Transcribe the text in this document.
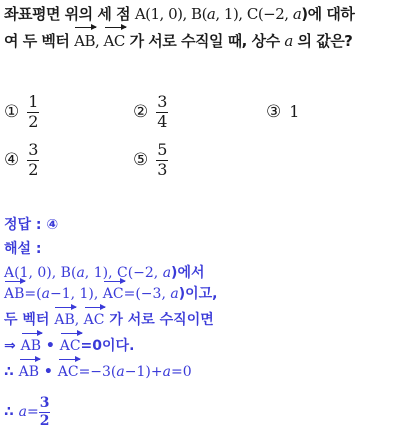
좌표평면 위의 세 점 A(1, 0), B(a, 1), C(−2, a)에 대하
여 두 벡터
AB,
AC 가 서로 수직일 때, 상수 a 의 값은?
① $\frac{1}{2}$	② $\frac{3}{4}$	③ 1
④ $\frac{3}{2}$	⑤ $\frac{5}{3}$
정답 : ④
해설 :
A(1, 0), B(a, 1), C(−2, a)에서
AB=(a−1, 1),
AC=(−3, a)이고,
두 벡터
AB,
AC 가 서로 수직이면
⇒
AB •
AC=0이다.
∴
AB •
AC=−3(a−1)+a=0
∴ $a= \frac{3}{2}$
